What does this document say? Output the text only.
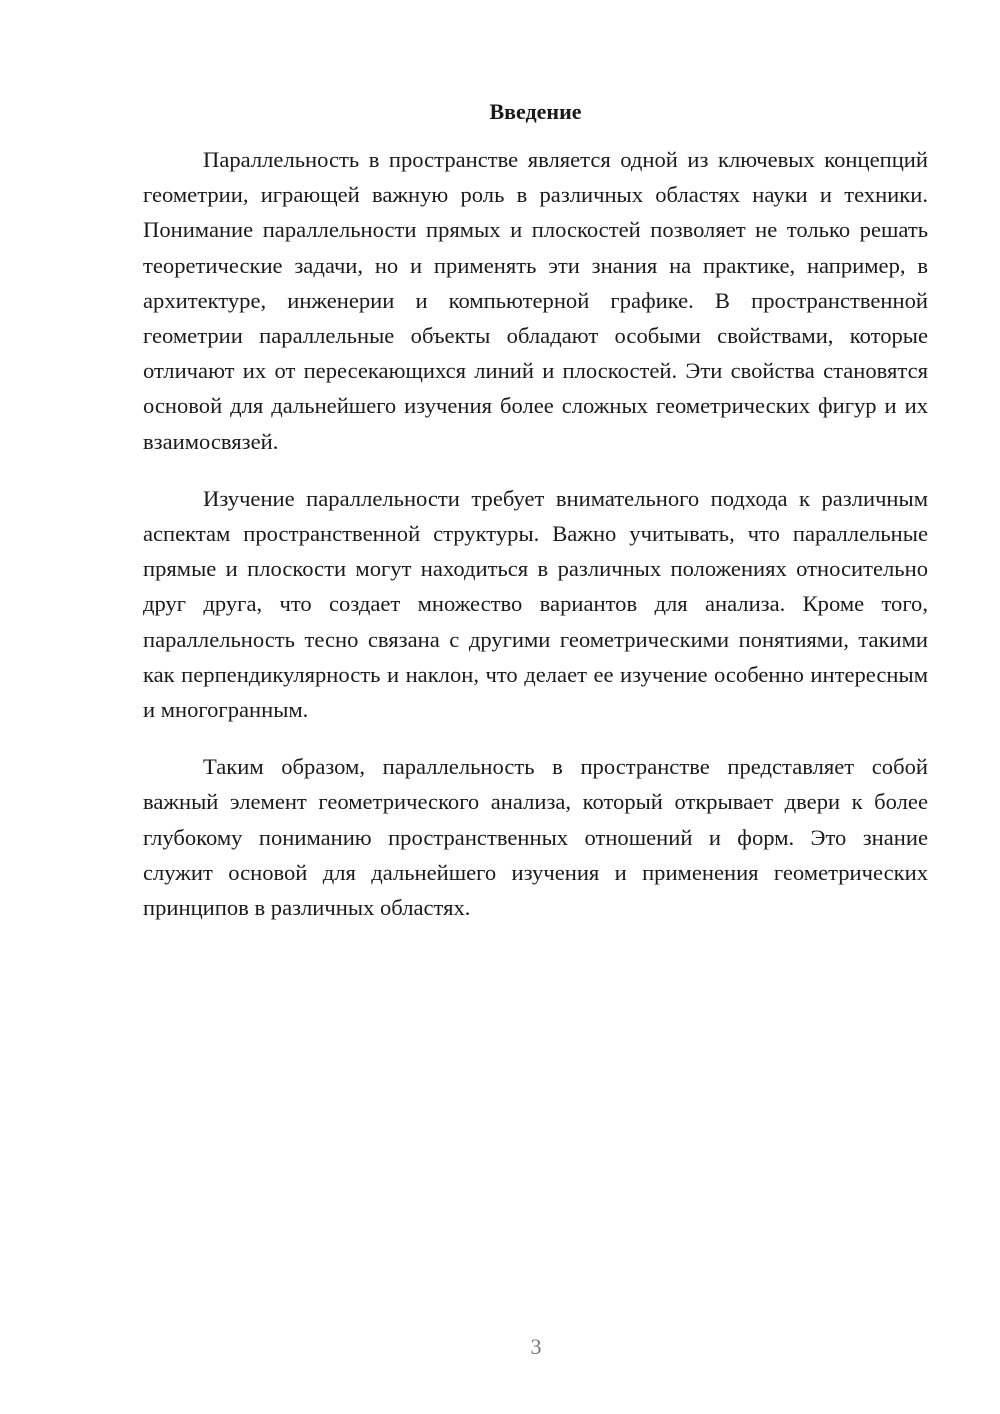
Введение

Параллельность в пространстве является одной из ключевых концепций геометрии, играющей важную роль в различных областях науки и техники. Понимание параллельности прямых и плоскостей позволяет не только решать теоретические задачи, но и применять эти знания на практике, например, в архитектуре, инженерии и компьютерной графике. В пространственной геометрии параллельные объекты обладают особыми свойствами, которые отличают их от пересекающихся линий и плоскостей. Эти свойства становятся основой для дальнейшего изучения более сложных геометрических фигур и их взаимосвязей.

Изучение параллельности требует внимательного подхода к различным аспектам пространственной структуры. Важно учитывать, что параллельные прямые и плоскости могут находиться в различных положениях относительно друг друга, что создает множество вариантов для анализа. Кроме того, параллельность тесно связана с другими геометрическими понятиями, такими как перпендикулярность и наклон, что делает ее изучение особенно интересным и многогранным.

Таким образом, параллельность в пространстве представляет собой важный элемент геометрического анализа, который открывает двери к более глубокому пониманию пространственных отношений и форм. Это знание служит основой для дальнейшего изучения и применения геометрических принципов в различных областях.

3
